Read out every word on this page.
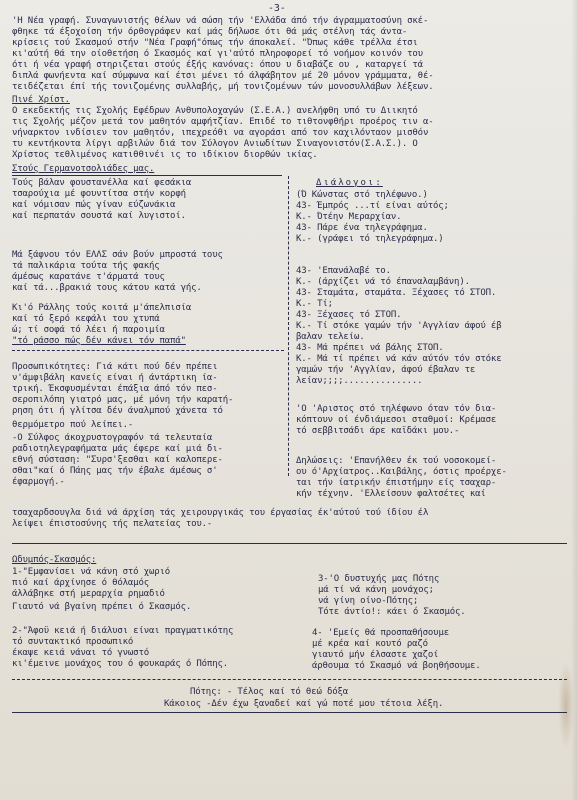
-3-
'Η Νέα γραφή. Συναγωνιστής θέλων νά σώση τήν 'Ελλάδα άπό τήν άγραμματοσύνη σκέ-
φθηκε τά έξοχοίση τήν όρθογράφεν καί μάς δήλωσε ότι θά μάς στέλνη τάς άντα-
κρίσεις τού Σκασμού στήν "Νέα Γραφή"όπως τήν άποκαλεί. "Όπως κάθε τρέλλα έτσι
κι'αύτή θά την οίοθετήση ό Σκασμός καί γι'αύτό πληροφορεί τό νοήμον κοινόν του
ότι ή νέα γραφή στηριζεται στούς έξής κανόνας: όπου υ διαβάζε ου , καταργεί τά
διπλά φωνήεντα καί σύμφωνα καί έτσι μένει τό άλφάβητον μέ 20 μόνον γράμματα, θέ-
τειδέζεται έπί τής τονιζομένης συλλαβής, μή τονιζομένων τών μονοσυλλάβων λέξεων.
Πινέ Χρίστ.
Ο εκεδεκτής τις Σχολής Εφέδρων Ανθυπολοχαγών (Σ.Ε.Α.) ανελήφθη υπό τυ Διικητό
τις Σχολής μέζον μετά τον μαθητόν αμφήτζίαν. Επιδέ το τιθτονφθήρι προέρος τιν α-
νήναρκτον ινδίσιεν τον μαθητόν, ιπεχρεόθι να αγοράσι από τον καχιλόνταον μισθόν
τυ κεντήκοντα λίργι αρβιλών διά τον Σύλογον Ανιωδίτων Σιναγονιστόν(Σ.Α.Σ.). Ο
Χρίστος τεθλιμένος κατιθθινέι ις το ιδίκιον διορθών ικίας.
Στούς Γερμανοτσολιάδες μας.
Τούς βάλαν φουστανέλλα καί φεσάκια
τσαρούχια μέ φουντίτσα στήν κορφή
καί νόμισαν πώς γίναν εύζωνάκια
καί περπατάν σουστά καί λυγιστοί.
Μά ξάφνου τόν ΕΛΛΣ σάν βούν μπροστά τους
τά παλικάρια τούτα τής φακής
άμέσως καρατάνε τ'άρματά τους
καί τά...βρακιά τους κάτου κατά γής.
Κι'ό Ράλλης τούς κοιτά μ'άπελπισία
καί τό ξερό κεφάλι του χτυπά
ώ; τί σοφά τό λέει ή παροιμία
"τό ράσσο πώς δέν κάνει τόν παπά"
Προσωπικότητες: Γιά κάτι πού δέν πρέπει
ν'άμφιβάλη κανείς είναι ή άντάρτικη ία-
τρική. Έκσφυσμένται έπάξια άπό τόν πεσ-
σεροπιλόπη γιατρό μας, μέ μόνη τήν καρατή-
ρηση ότι ή γλίτσα δέν άναλμπού χάνετα τό
θερμόμετρο πού λείπει.-
-Ο Σύλφος άκοχρυστογραφόν τά τελευταία
ραδιοτηλεγραφήματα μάς έφερε καί μιά δι-
εθνή σύσταση: "Συρσ'ξεσθαι καί καλοπερε-
σθαι"καί ό Πάης μας τήν έβαλε άμέσως σ'
έφαρμογή.-
Διάλογοι:
(Ό Κώνστας στό τηλέφωνο.)
43- Έμπρός ...τί είναι αύτός;
Κ.- Ότέην Μεραρχίαν.
43- Πάρε ένα τηλεγράφημα.
Κ.- (γράφει τό τηλεγράφημα.)
43- 'Επανάλαβέ το.
Κ.- (άρχίζει νά τό έπαναλαμβάνη).
43- Σταμάτα, σταμάτα. Ξέχασες τό ΣΤΟΠ.
Κ.- Τί;
43- Ξέχασες τό ΣΤΟΠ.
Κ.- Τί στόκε γαμών τήν 'Αγγλίαν άφού έβ
βαλαν τελείω.
43- Μά πρέπει νά βάλης ΣΤΟΠ.
Κ.- Μά τί πρέπει νά κάν αύτόν τόν στόκε
γαμών τήν 'Αγγλίαν, άφού έβαλαν τε
λείαν;;;;...............
'Ο 'Αριστος στό τηλέφωνο όταν τόν δια-
κόπτουν οί ένδιάμεσοι σταθμοί: Κρέμασε
τό σεββιτσάδι άρε καϊδάκι μου.-
Δηλώσεις: 'Επανήλθεν έκ τού νοσοκομεί-
ου ό'Αρχίατρος..Καιβάλης, όστις προέρχε-
ται τήν ίατρικήν έπιστήμην είς τσαχαρ-
κήν τέχνην. 'Ελλείσουν φαλτσέτες καί
τσαχαρδσουγλα διά νά άρχίση τάς χειρουργικάς του έργασίας έκ'αύτού τού ίδίου έλ
λείψει έπιστοσύνης τής πελατείας του.-
Ωδυμπός-Σκασμός:
1-"Εμφανίσει νά κάνη στό χωριό
πιό καί άρχίνησε ό θόλαμός
άλλάβηκε στή μεραρχία ρημαδιό
Γιαυτό νά βγαίνη πρέπει ό Σκασμός.
2-"Άφοϋ κειά ή διάλυσι είναι πραγματικότης
τό συντακτικό προσωπικό
έκαψε κειά νάναι τό γνωστό
κι'έμεινε μονάχος του ό φουκαράς ό Πόπης.
3-'Ο δυστυχής μας Πότης
μά τί νά κάνη μονάχος;
νά γίνη οίνο-Πότης;
Τότε άντίο!: κάει ό Σκασμός.
4- 'Εμείς θά προσπαθήσουμε
μέ κρέα καί κουτό ραζό
γιαυτό μήν έλσαστε χαζοί
άρθουμα τό Σκασμό νά βοηθήσουμε.
Πότης: - Τέλος καί τό θεώ δόξα
Κάκοιος -Δέν έχω ξαναδεί καί γώ ποτέ μου τέτοια λέξη.
